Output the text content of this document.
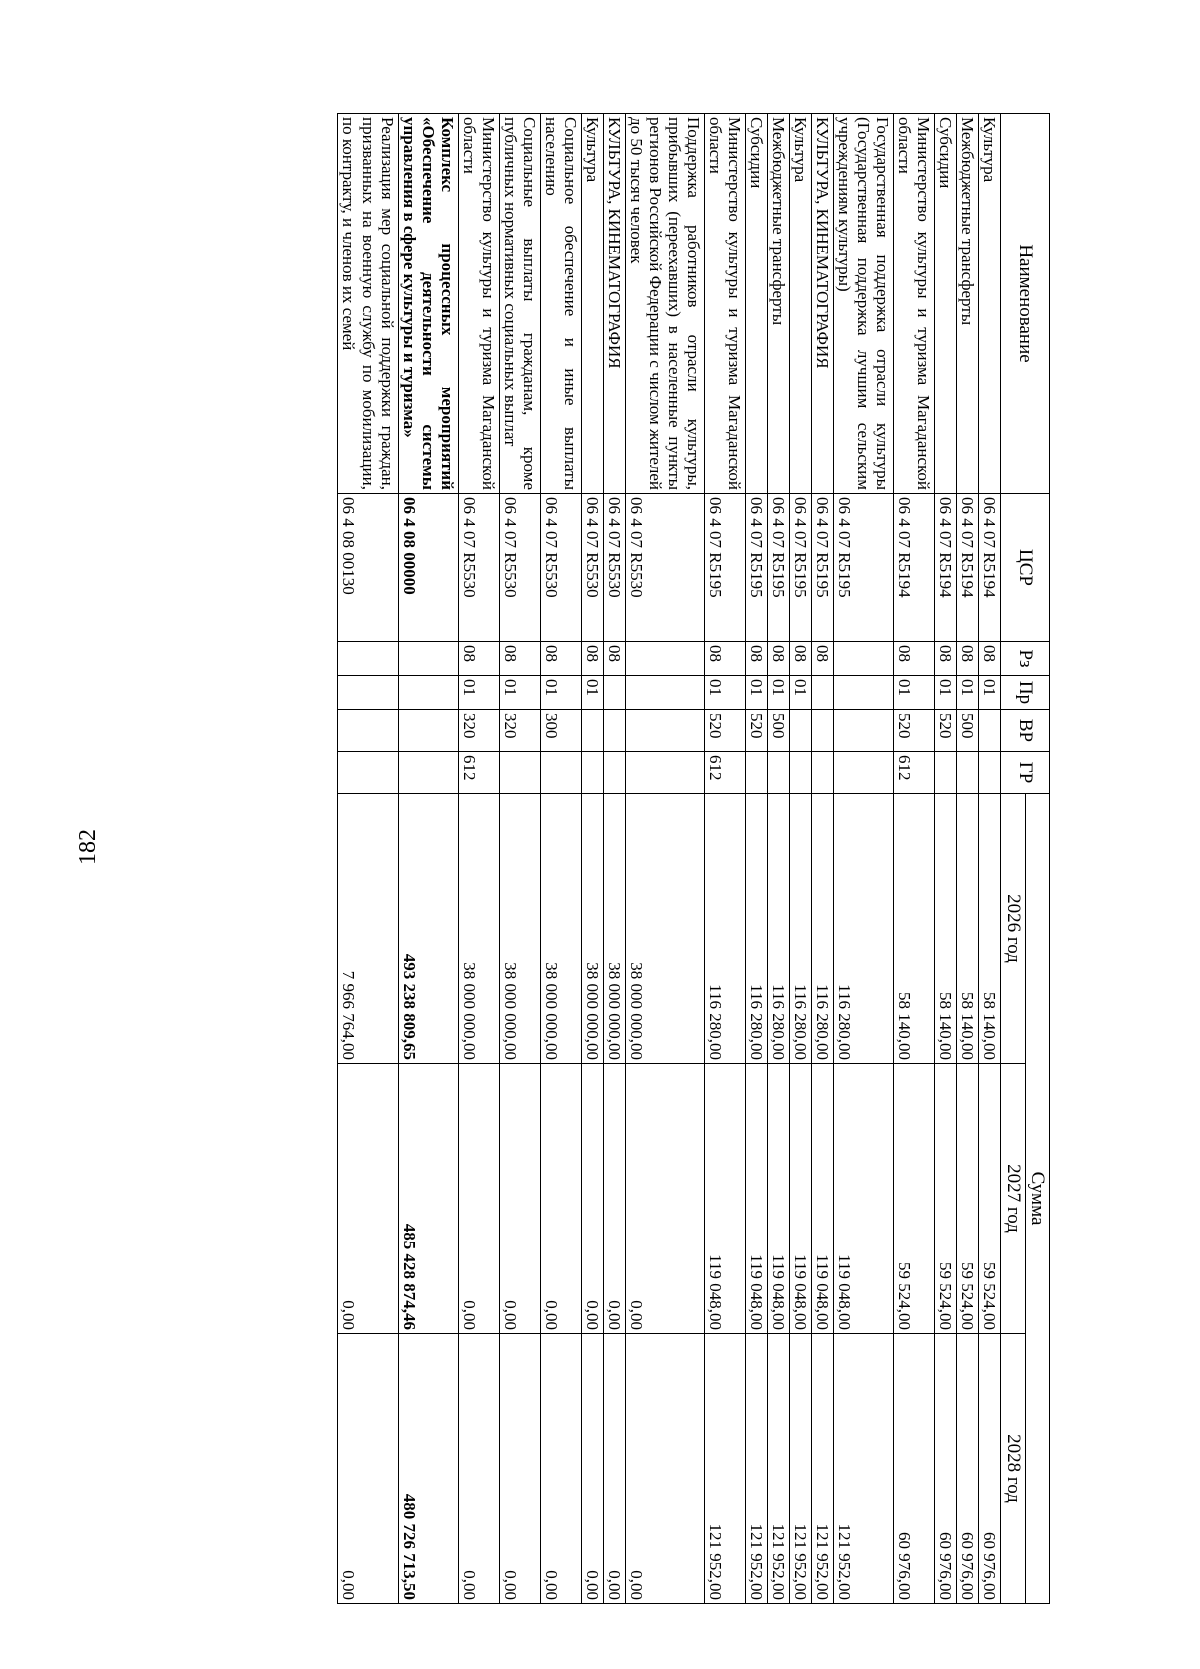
182
Наименование	ЦСР	Рз	Пр	ВР	ГР	Сумма		
						2026 год	2027 год	2028 год
Культура	06 4 07 R5194	08	01			58 140,00	59 524,00	60 976,00
Межбюджетные трансферты	06 4 07 R5194	08	01	500		58 140,00	59 524,00	60 976,00
Субсидии	06 4 07 R5194	08	01	520		58 140,00	59 524,00	60 976,00
Министерство культуры и туризма Магаданской области	06 4 07 R5194	08	01	520	612	58 140,00	59 524,00	60 976,00
Государственная поддержка отрасли культуры (Государственная поддержка лучшим сельским учреждениям культуры)	06 4 07 R5195					116 280,00	119 048,00	121 952,00
КУЛЬТУРА, КИНЕМАТОГРАФИЯ	06 4 07 R5195	08				116 280,00	119 048,00	121 952,00
Культура	06 4 07 R5195	08	01			116 280,00	119 048,00	121 952,00
Межбюджетные трансферты	06 4 07 R5195	08	01	500		116 280,00	119 048,00	121 952,00
Субсидии	06 4 07 R5195	08	01	520		116 280,00	119 048,00	121 952,00
Министерство культуры и туризма Магаданской области	06 4 07 R5195	08	01	520	612	116 280,00	119 048,00	121 952,00
Поддержка работников отрасли культуры, прибывших (переехавших) в населенные пункты регионов Российской Федерации с числом жителей до 50 тысяч человек	06 4 07 R5530					38 000 000,00	0,00	0,00
КУЛЬТУРА, КИНЕМАТОГРАФИЯ	06 4 07 R5530	08				38 000 000,00	0,00	0,00
Культура	06 4 07 R5530	08	01			38 000 000,00	0,00	0,00
Социальное обеспечение и иные выплаты населению	06 4 07 R5530	08	01	300		38 000 000,00	0,00	0,00
Социальные выплаты гражданам, кроме публичных нормативных социальных выплат	06 4 07 R5530	08	01	320		38 000 000,00	0,00	0,00
Министерство культуры и туризма Магаданской области	06 4 07 R5530	08	01	320	612	38 000 000,00	0,00	0,00
Комплекс процессных мероприятий «Обеспечение деятельности системы управления в сфере культуры и туризма»	06 4 08 00000					493 238 809,65	485 428 874,46	480 726 713,50
Реализация мер социальной поддержки граждан, призванных на военную службу по мобилизации, по контракту, и членов их семей	06 4 08 00130					7 966 764,00	0,00	0,00
